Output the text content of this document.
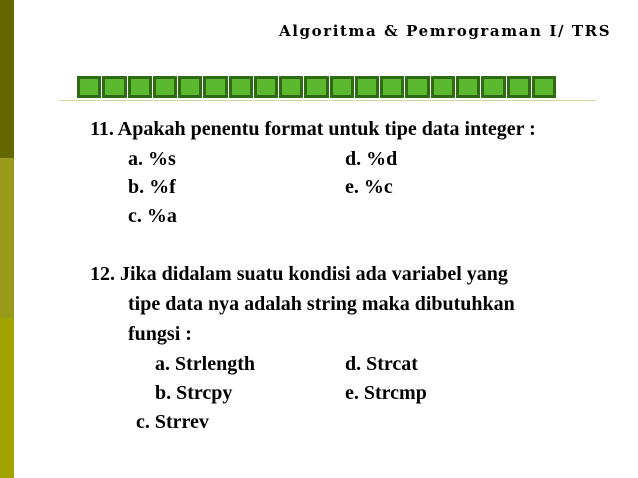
Algoritma & Pemrograman I/ TRS
11. Apakah penentu format untuk tipe data integer :
a. %s	d. %d
b. %f	e. %c
c. %a
12. Jika didalam suatu kondisi ada variabel yang
tipe data nya adalah string maka dibutuhkan
fungsi :
a. Strlength	d. Strcat
b. Strcpy	e. Strcmp
c. Strrev
